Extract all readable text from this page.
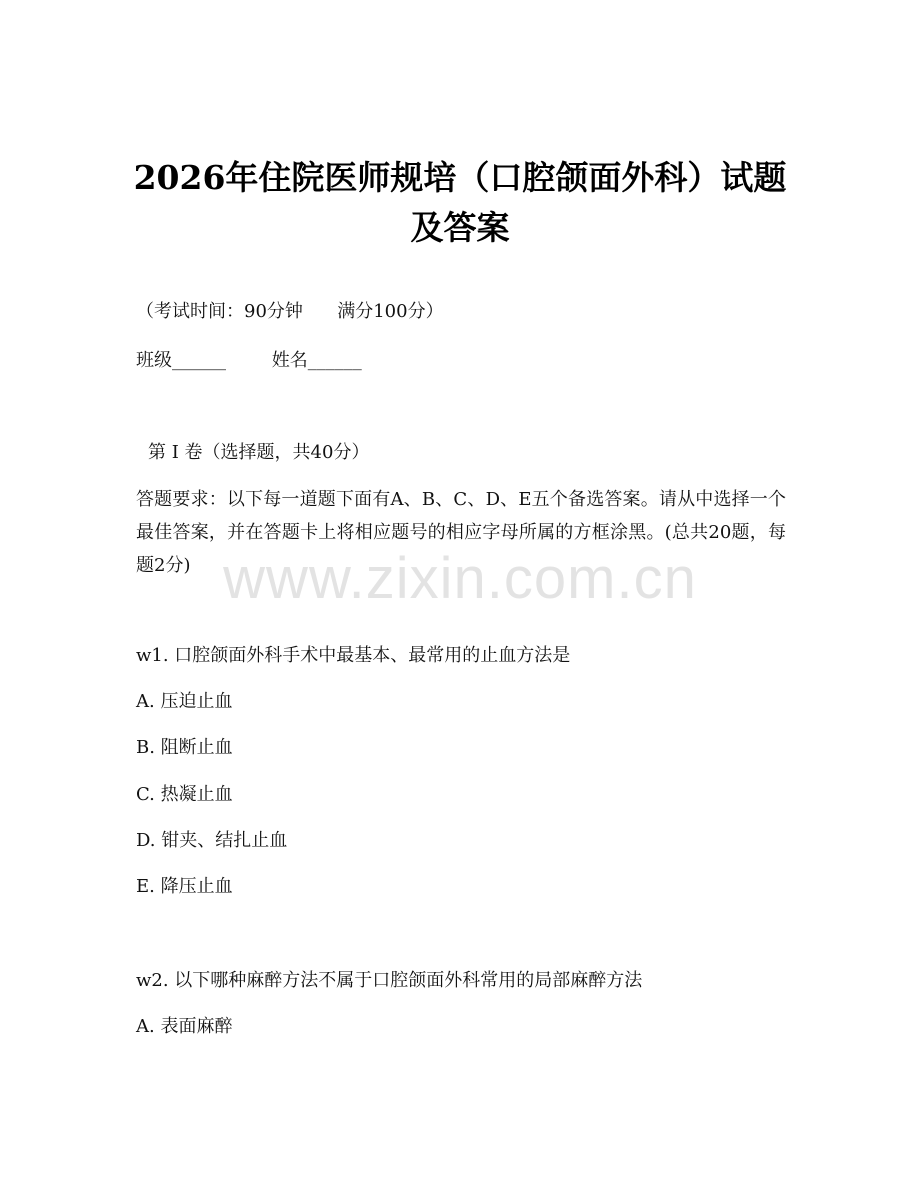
www.zixin.com.cn
2026年住院医师规培（口腔颌面外科）试题
及答案
（考试时间：90分钟      满分100分）
班级______        姓名______
第 I 卷（选择题，共40分）
答题要求：以下每一道题下面有A、B、C、D、E五个备选答案。请从中选择一个最佳答案，并在答题卡上将相应题号的相应字母所属的方框涂黑。(总共20题，每题2分)
w1. 口腔颌面外科手术中最基本、最常用的止血方法是
A. 压迫止血
B. 阻断止血
C. 热凝止血
D. 钳夹、结扎止血
E. 降压止血
w2. 以下哪种麻醉方法不属于口腔颌面外科常用的局部麻醉方法
A. 表面麻醉
